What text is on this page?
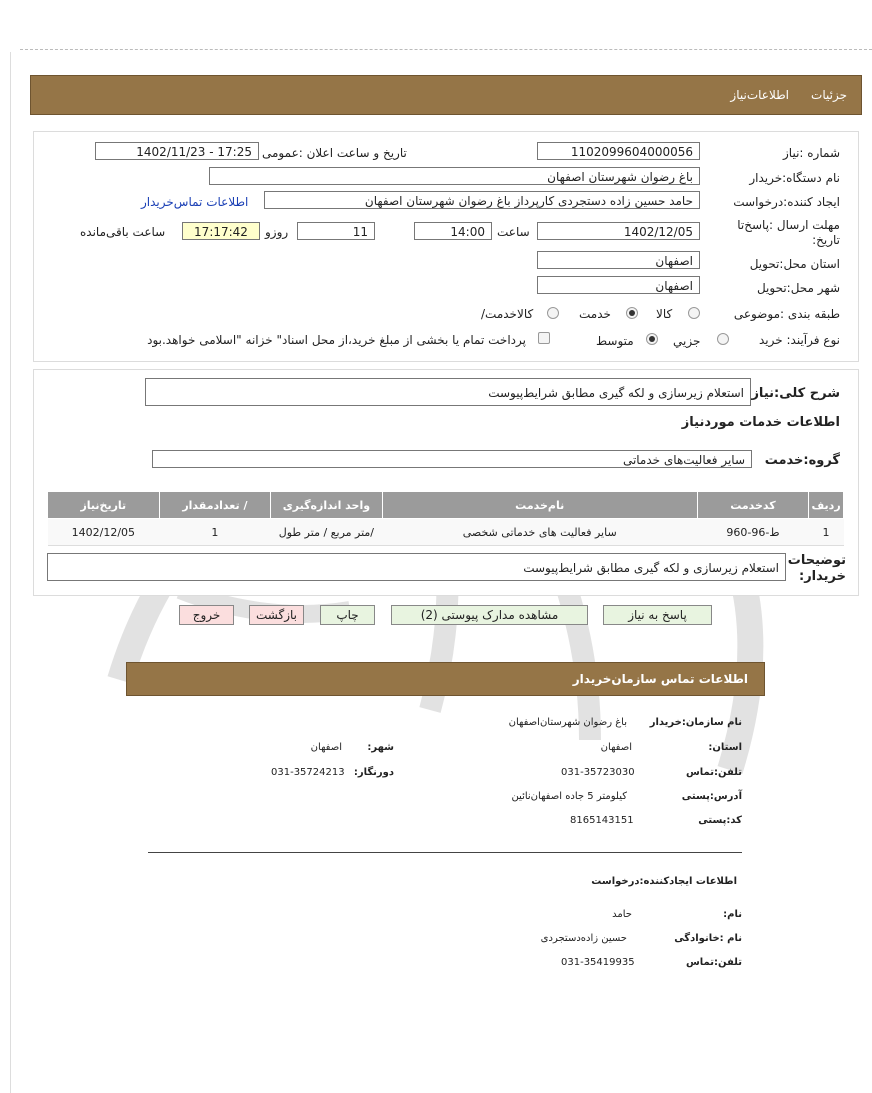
جزئیات
اطلاعات‌نیاز
شماره :نیاز
1102099604000056
تاریخ و ساعت اعلان :عمومی
1402/11/23 - 17:25
نام دستگاه:خریدار
باغ رضوان شهرستان اصفهان
ایجاد کننده:درخواست
حامد حسین زاده دستجردی کارپرداز باغ رضوان شهرستان اصفهان
اطلاعات تماس‌خریدار
مهلت ارسال :پاسخ‌تا
:تاریخ
1402/12/05
ساعت
14:00
11
روزو
17:17:42
ساعت باقی‌مانده
استان محل:تحویل
اصفهان
شهر محل:تحویل
اصفهان
طبقه بندی :موضوعی
کالا
خدمت
/کالاخدمت
نوع فرآیند: خرید
جزیي
متوسط
پرداخت تمام یا بخشی از مبلغ خرید،از محل اسناد" خزانه "اسلامی خواهد.بود
شرح کلی:نیاز
استعلام زیرسازی و لکه گیری مطابق شرایط‌پیوست
اطلاعات خدمات موردنیاز
گروه:خدمت
سایر فعالیت‌های خدماتی
ردیف	کدخدمت	نام‌خدمت	واحد اندازه‌گیری	/ تعدادمقدار	تاریخ‌نیاز
1	ط-96-960	سایر فعالیت های خدماتی شخصی	/متر مربع / متر طول	1	1402/12/05
توضیحات
:خریدار
استعلام زیرسازی و لکه گیری مطابق شرایط‌پیوست
پاسخ به نیاز
مشاهده مدارک پیوستی (2)
چاپ
بازگشت
خروج
اطلاعات تماس سازمان‌خریدار
نام سازمان:خریدار
باغ رضوان شهرستان‌اصفهان
:استان
اصفهان
:شهر
اصفهان
تلفن:تماس
031-35723030
:دورنگار
031-35724213
آدرس:پستی
کیلومتر 5 جاده اصفهان‌نائین
کد:پستی
8165143151
اطلاعات ایجادکننده:درخواست
:نام
حامد
نام :خانوادگی
حسین زاده‌دستجردی
تلفن:تماس
031-35419935
